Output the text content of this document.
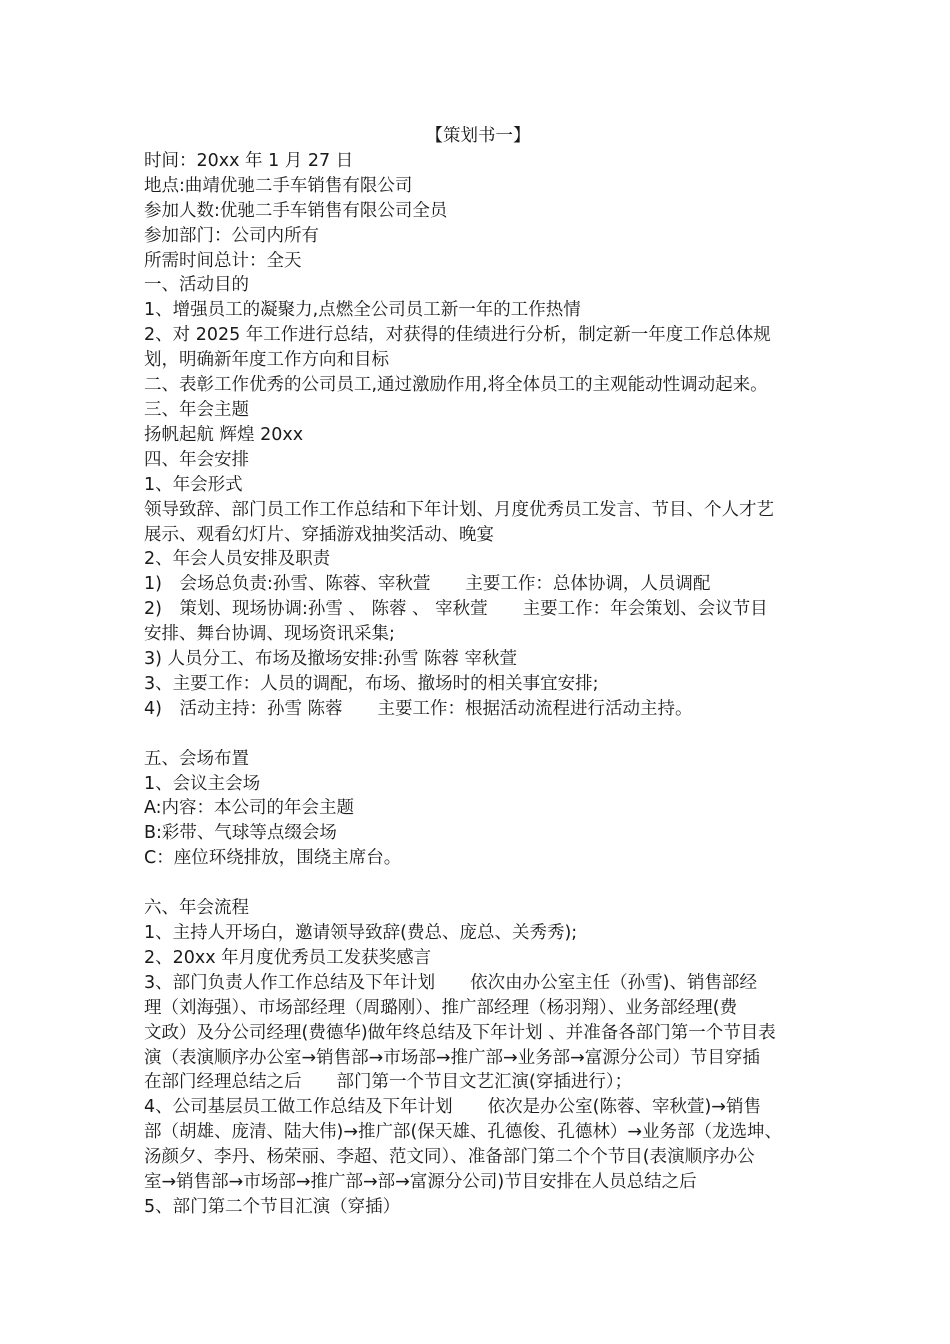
【策划书一】

时间：20xx 年 1 月 27 日

地点:曲靖优驰二手车销售有限公司

参加人数:优驰二手车销售有限公司全员

参加部门：公司内所有

所需时间总计：全天

一、活动目的

1、增强员工的凝聚力,点燃全公司员工新一年的工作热情

2、对 2025 年工作进行总结，对获得的佳绩进行分析，制定新一年度工作总体规

划，明确新年度工作方向和目标

二、表彰工作优秀的公司员工,通过激励作用,将全体员工的主观能动性调动起来。

三、年会主题

扬帆起航 辉煌 20xx

四、年会安排

1、年会形式

领导致辞、部门员工作工作总结和下年计划、月度优秀员工发言、节目、个人才艺

展示、观看幻灯片、穿插游戏抽奖活动、晚宴

2、年会人员安排及职责

1)　会场总负责:孙雪、陈蓉、宰秋萱　　主要工作：总体协调，人员调配

2)　策划、现场协调:孙雪 、 陈蓉 、 宰秋萱　　主要工作：年会策划、会议节目

安排、舞台协调、现场资讯采集;

3) 人员分工、布场及撤场安排:孙雪 陈蓉 宰秋萱

3、主要工作：人员的调配，布场、撤场时的相关事宜安排;

4)　活动主持：孙雪 陈蓉　　主要工作：根据活动流程进行活动主持。

五、会场布置

1、会议主会场

A:内容：本公司的年会主题

B:彩带、气球等点缀会场

C：座位环绕排放，围绕主席台。

六、年会流程

1、主持人开场白，邀请领导致辞(费总、庞总、关秀秀);

2、20xx 年月度优秀员工发获奖感言

3、部门负责人作工作总结及下年计划　　依次由办公室主任（孙雪)、销售部经

理（刘海强）、市场部经理（周璐刚）、推广部经理（杨羽翔）、业务部经理(费

文政）及分公司经理(费德华)做年终总结及下年计划 、并准备各部门第一个节目表

演（表演顺序办公室→销售部→市场部→推广部→业务部→富源分公司）节目穿插

在部门经理总结之后　　部门第一个节目文艺汇演(穿插进行）；

4、公司基层员工做工作总结及下年计划　　依次是办公室(陈蓉、宰秋萱)→销售

部（胡雄、庞清、陆大伟)→推广部(保天雄、孔德俊、孔德林）→业务部（龙选坤、

汤颜夕、李丹、杨荣丽、李超、范文同）、准备部门第二个个节目(表演顺序办公

室→销售部→市场部→推广部→部→富源分公司)节目安排在人员总结之后

5、部门第二个节目汇演（穿插）
